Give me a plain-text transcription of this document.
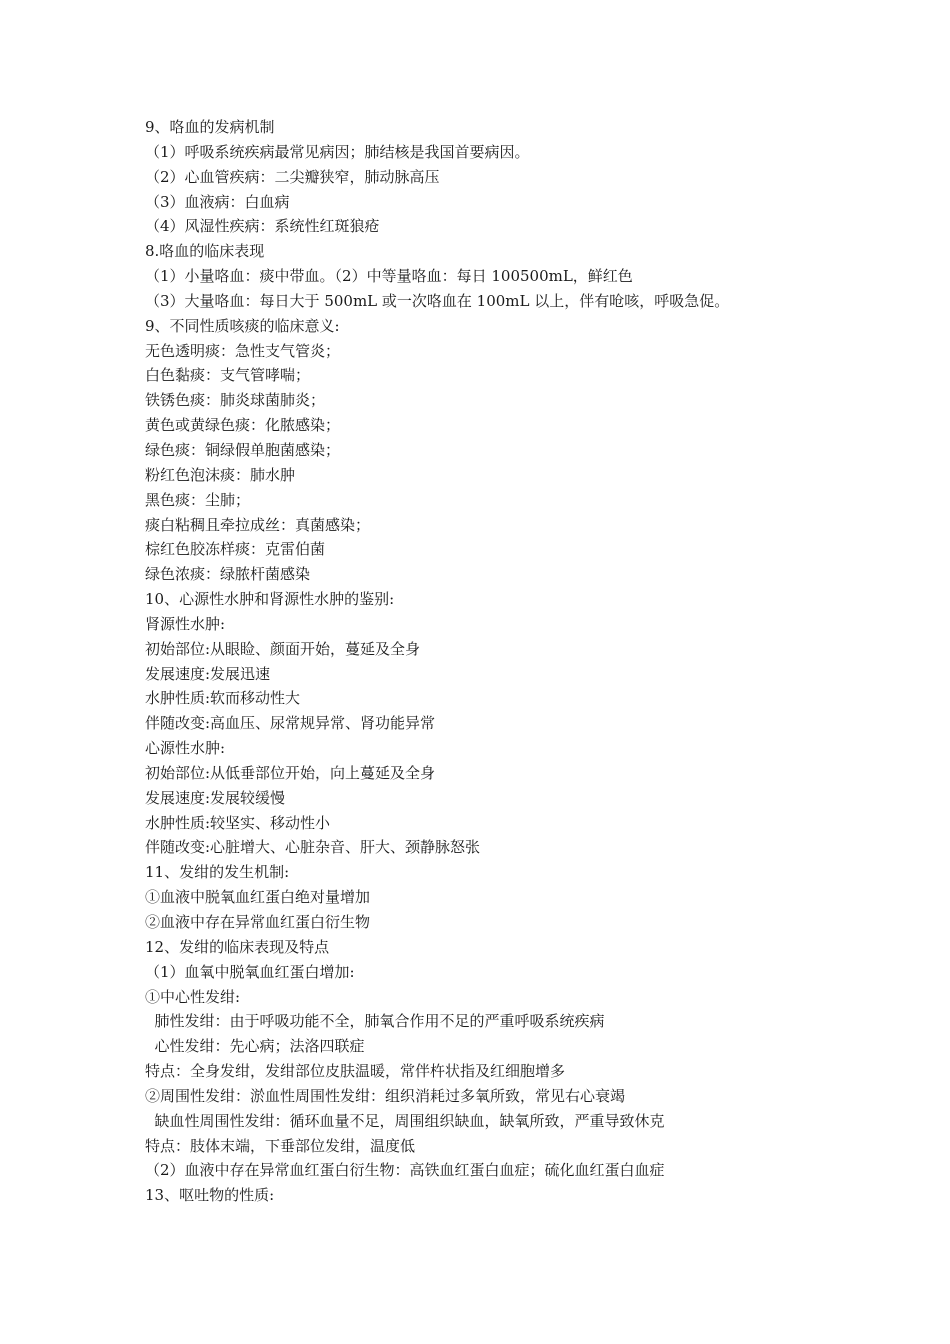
9、咯血的发病机制
（1）呼吸系统疾病最常见病因；肺结核是我国首要病因。
（2）心血管疾病：二尖瓣狭窄，肺动脉高压
（3）血液病：白血病
（4）风湿性疾病：系统性红斑狼疮
8.咯血的临床表现
（1）小量咯血：痰中带血。（2）中等量咯血：每日 100500mL，鲜红色
（3）大量咯血：每日大于 500mL 或一次咯血在 100mL 以上，伴有呛咳，呼吸急促。
9、不同性质咳痰的临床意义:
无色透明痰：急性支气管炎；
白色黏痰：支气管哮喘；
铁锈色痰：肺炎球菌肺炎；
黄色或黄绿色痰：化脓感染；
绿色痰：铜绿假单胞菌感染；
粉红色泡沫痰：肺水肿
黑色痰：尘肺；
痰白粘稠且牵拉成丝：真菌感染；
棕红色胶冻样痰：克雷伯菌
绿色浓痰：绿脓杆菌感染
10、心源性水肿和肾源性水肿的鉴别:
肾源性水肿:
初始部位:从眼睑、颜面开始，蔓延及全身
发展速度:发展迅速
水肿性质:软而移动性大
伴随改变:高血压、尿常规异常、肾功能异常
心源性水肿:
初始部位:从低垂部位开始，向上蔓延及全身
发展速度:发展较缓慢
水肿性质:较坚实、移动性小
伴随改变:心脏增大、心脏杂音、肝大、颈静脉怒张
11、发绀的发生机制:
①血液中脱氧血红蛋白绝对量增加
②血液中存在异常血红蛋白衍生物
12、发绀的临床表现及特点
（1）血氧中脱氧血红蛋白增加:
①中心性发绀:
肺性发绀：由于呼吸功能不全，肺氧合作用不足的严重呼吸系统疾病
心性发绀：先心病；法洛四联症
特点：全身发绀，发绀部位皮肤温暖，常伴杵状指及红细胞增多
②周围性发绀：淤血性周围性发绀：组织消耗过多氧所致，常见右心衰竭
缺血性周围性发绀：循环血量不足，周围组织缺血，缺氧所致，严重导致休克
特点：肢体末端，下垂部位发绀，温度低
（2）血液中存在异常血红蛋白衍生物：高铁血红蛋白血症；硫化血红蛋白血症
13、呕吐物的性质:
